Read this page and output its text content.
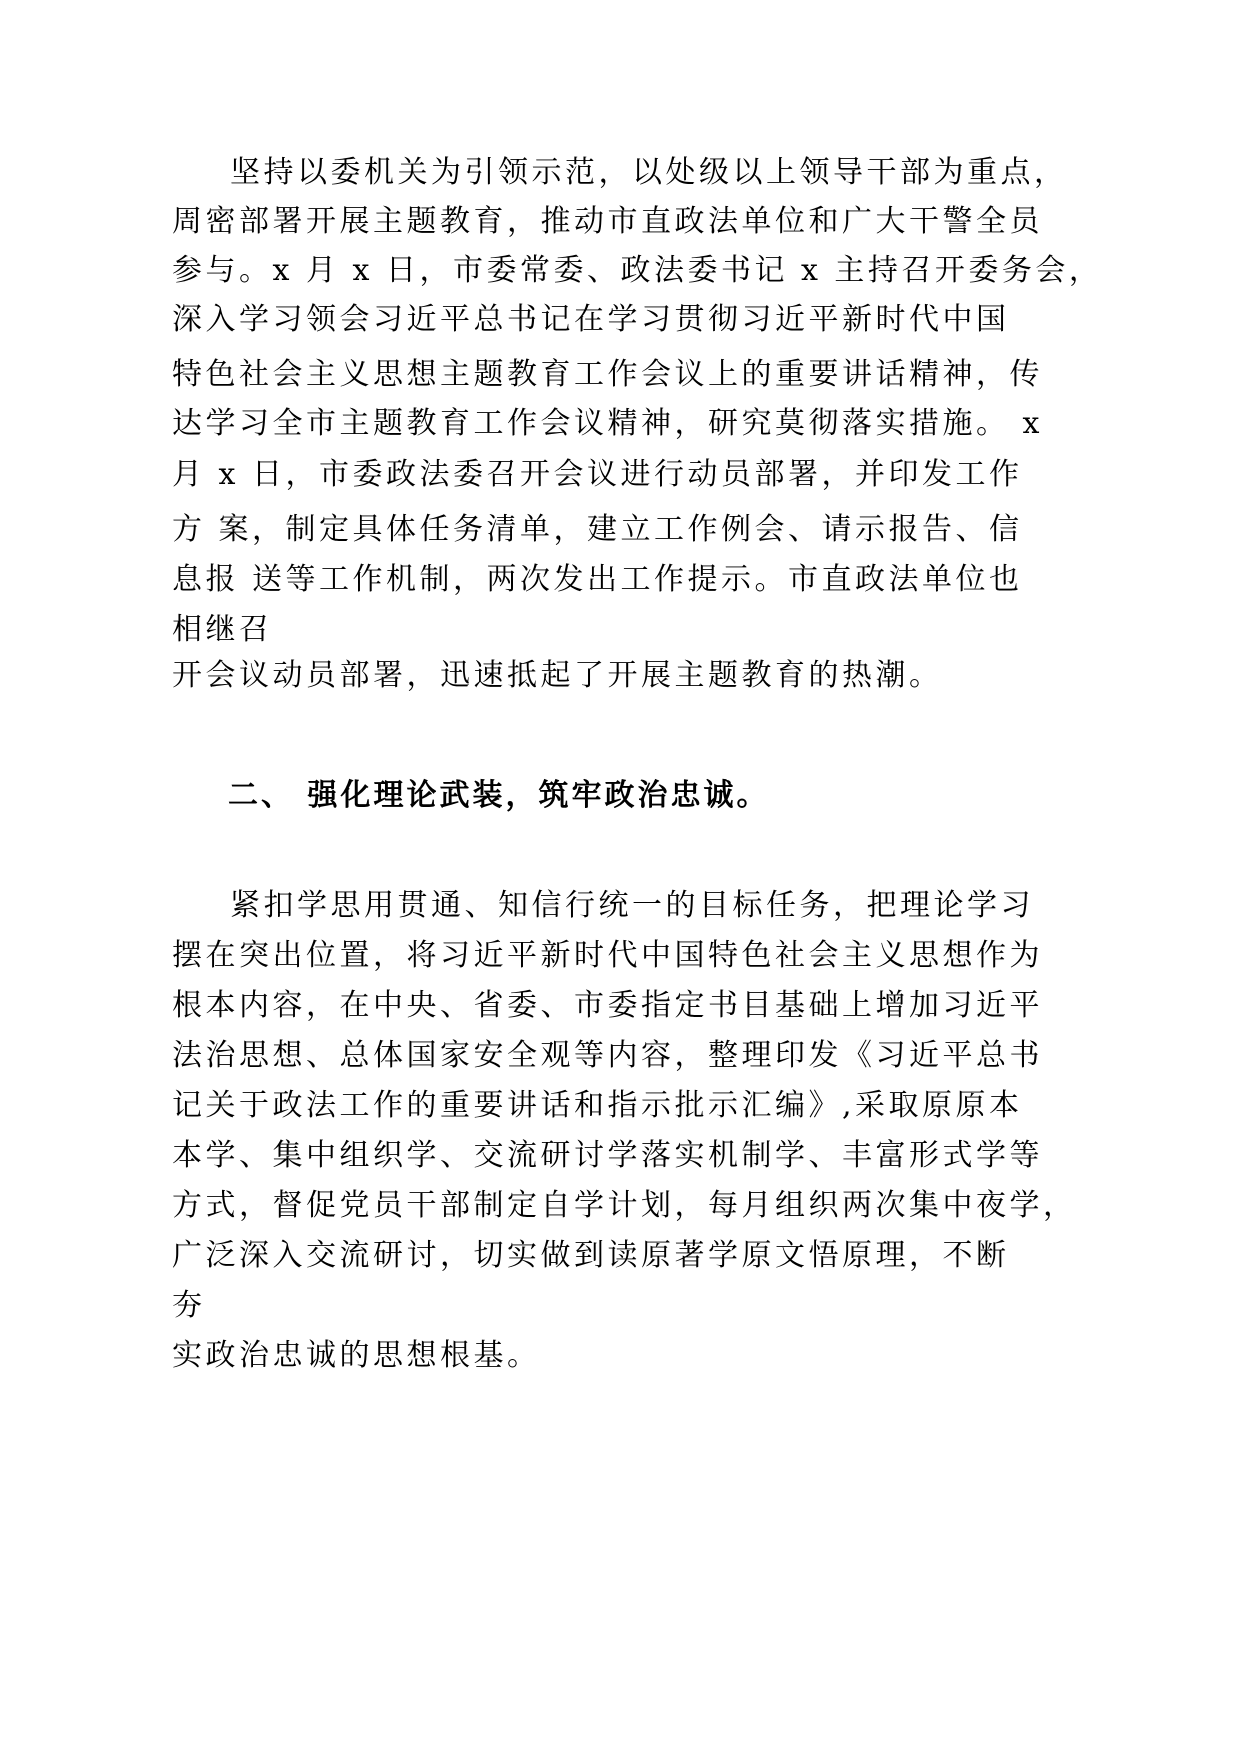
坚持以委机关为引领示范，以处级以上领导干部为重点，
周密部署开展主题教育，推动市直政法单位和广大干警全员
参与。x 月 x 日，市委常委、政法委书记 x 主持召开委务会，
深入学习领会习近平总书记在学习贯彻习近平新时代中国
特色社会主义思想主题教育工作会议上的重要讲话精神，传
达学习全市主题教育工作会议精神，研究莫彻落实措施。 x
月 x 日，市委政法委召开会议进行动员部署，并印发工作
方 案，制定具体任务清单，建立工作例会、请示报告、信
息报 送等工作机制，两次发出工作提示。市直政法单位也
相继召
开会议动员部署，迅速抵起了开展主题教育的热潮。
二、 强化理论武装，筑牢政治忠诚。
紧扣学思用贯通、知信行统一的目标任务，把理论学习
摆在突出位置，将习近平新时代中国特色社会主义思想作为
根本内容，在中央、省委、市委指定书目基础上增加习近平
法治思想、总体国家安全观等内容，整理印发《习近平总书
记关于政法工作的重要讲话和指示批示汇编》,采取原原本
本学、集中组织学、交流研讨学落实机制学、丰富形式学等
方式，督促党员干部制定自学计划，每月组织两次集中夜学，
广泛深入交流研讨，切实做到读原著学原文悟原理，不断
夯
实政治忠诚的思想根基。
